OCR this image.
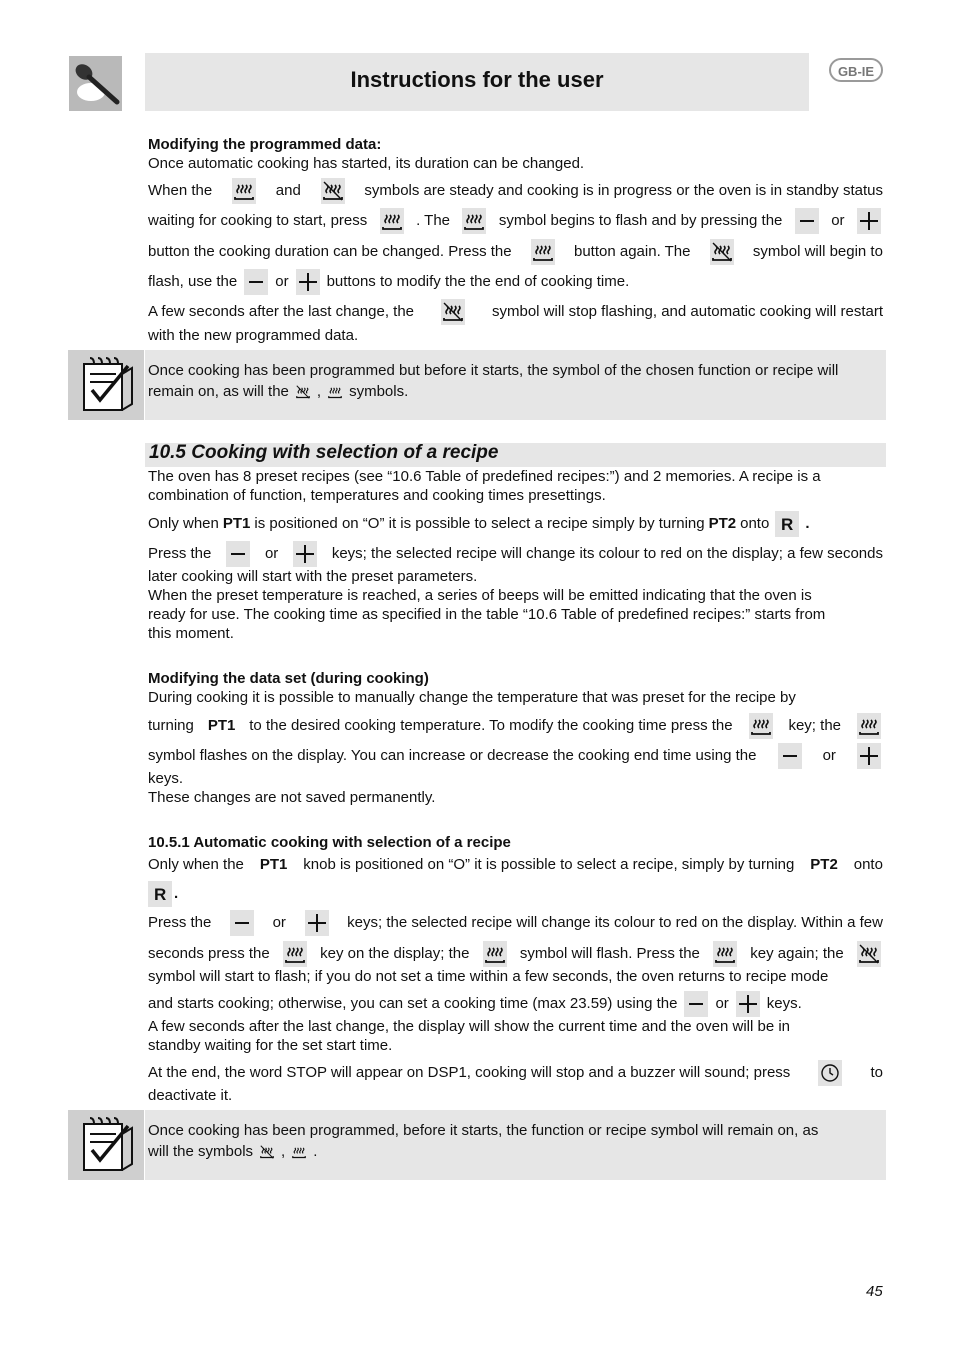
Instructions for the user	GB-IE
Modifying the programmed data:
Once automatic cooking has started, its duration can be changed.
When the	and	symbols are steady and cooking is in progress or the oven is in standby status
waiting for cooking to start, press	. The	symbol begins to flash and by pressing the	or
button the cooking duration can be changed. Press the	button again. The	symbol will begin to
flash, use the	or	buttons to modify the the end of cooking time.
A few seconds after the last change, the	symbol will stop flashing, and automatic cooking will restart
with the new programmed data.
Once cooking has been programmed but before it starts, the symbol of the chosen function or recipe will
remain on, as will the , symbols.
10.5 Cooking with selection of a recipe
The oven has 8 preset recipes (see “10.6 Table of predefined recipes:”) and 2 memories. A recipe is a
combination of function, temperatures and cooking times presettings.
Only when PT1 is positioned on “O” it is possible to select a recipe simply by turning PT2 onto .
Press the	or	keys; the selected recipe will change its colour to red on the display; a few seconds
later cooking will start with the preset parameters.
When the preset temperature is reached, a series of beeps will be emitted indicating that the oven is
ready for use. The cooking time as specified in the table “10.6 Table of predefined recipes:” starts from
this moment.
Modifying the data set (during cooking)
During cooking it is possible to manually change the temperature that was preset for the recipe by
turning PT1 to the desired cooking temperature. To modify the cooking time press the	key; the
symbol flashes on the display. You can increase or decrease the cooking end time using the	or
keys.
These changes are not saved permanently.
10.5.1 Automatic cooking with selection of a recipe
Only when the PT1 knob is positioned on “O” it is possible to select a recipe, simply by turning PT2 onto
.
Press the	or	keys; the selected recipe will change its colour to red on the display. Within a few
seconds press the	key on the display; the	symbol will flash. Press the	key again; the
symbol will start to flash; if you do not set a time within a few seconds, the oven returns to recipe mode
and starts cooking; otherwise, you can set a cooking time (max 23.59) using the	or	keys.
A few seconds after the last change, the display will show the current time and the oven will be in
standby waiting for the set start time.
At the end, the word STOP will appear on DSP1, cooking will stop and a buzzer will sound; press	to
deactivate it.
Once cooking has been programmed, before it starts, the function or recipe symbol will remain on, as
will the symbols , .
45
